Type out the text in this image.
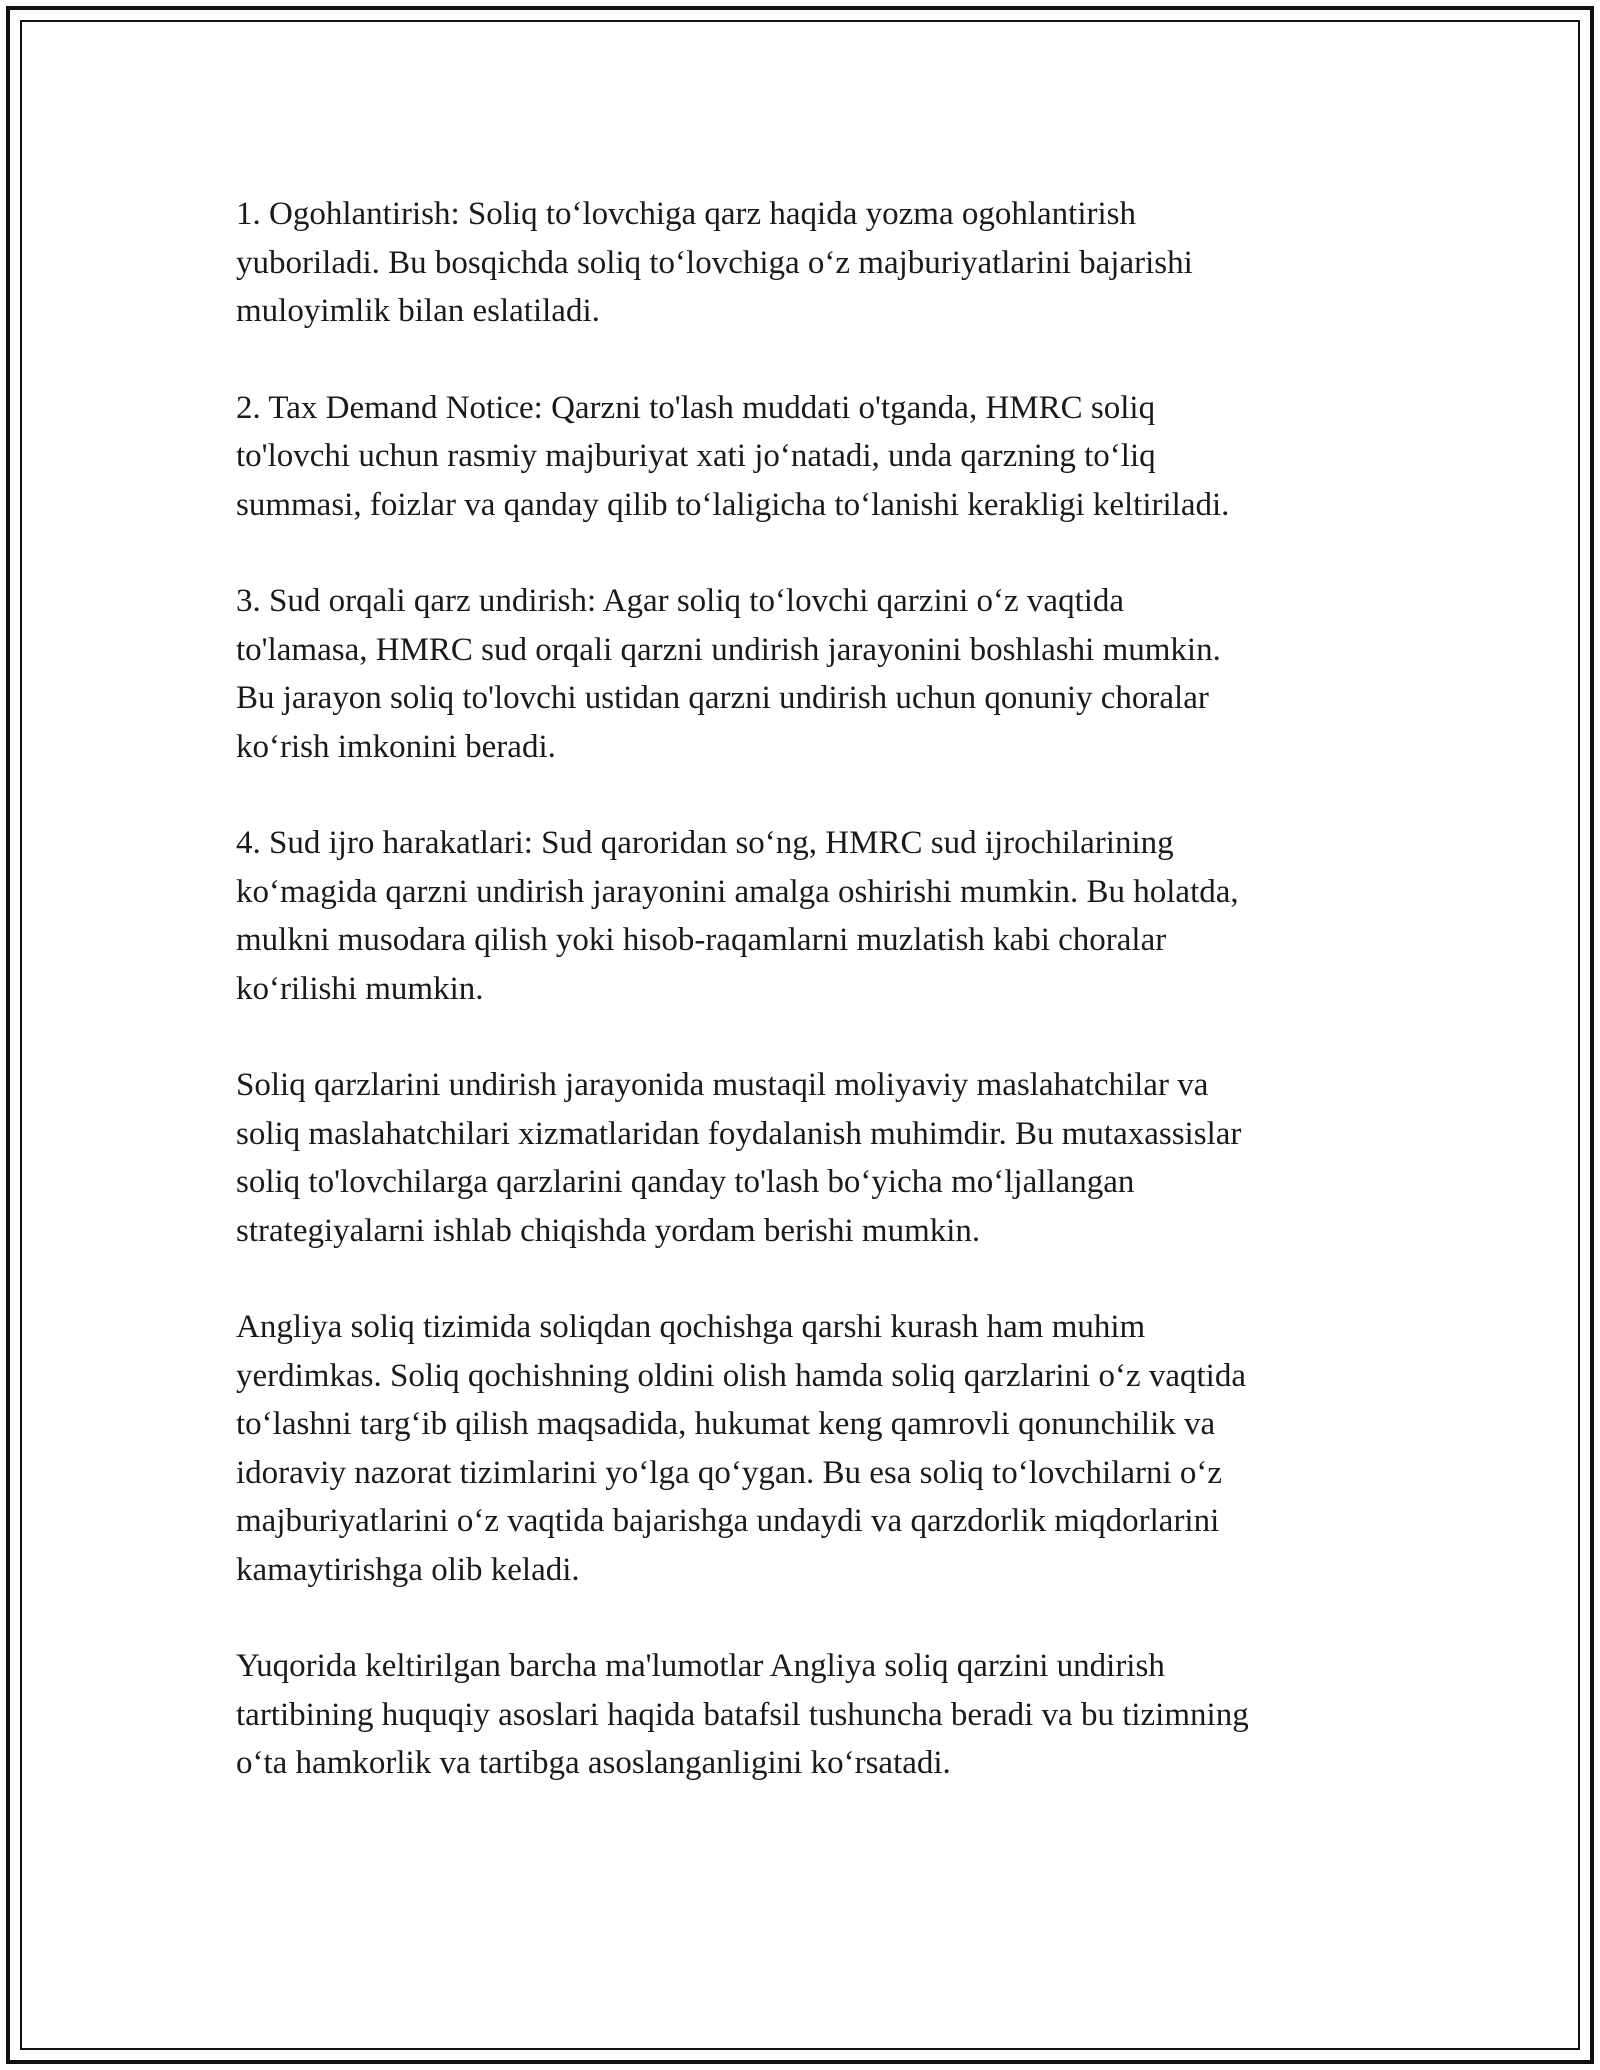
1. Ogohlantirish: Soliq to‘lovchiga qarz haqida yozma ogohlantirish
yuboriladi. Bu bosqichda soliq to‘lovchiga o‘z majburiyatlarini bajarishi
muloyimlik bilan eslatiladi.

2. Tax Demand Notice: Qarzni to'lash muddati o'tganda, HMRC soliq
to'lovchi uchun rasmiy majburiyat xati jo‘natadi, unda qarzning to‘liq
summasi, foizlar va qanday qilib to‘laligicha to‘lanishi kerakligi keltiriladi.

3. Sud orqali qarz undirish: Agar soliq to‘lovchi qarzini o‘z vaqtida
to'lamasa, HMRC sud orqali qarzni undirish jarayonini boshlashi mumkin.
Bu jarayon soliq to'lovchi ustidan qarzni undirish uchun qonuniy choralar
ko‘rish imkonini beradi.

4. Sud ijro harakatlari: Sud qaroridan so‘ng, HMRC sud ijrochilarining
ko‘magida qarzni undirish jarayonini amalga oshirishi mumkin. Bu holatda,
mulkni musodara qilish yoki hisob-raqamlarni muzlatish kabi choralar
ko‘rilishi mumkin.

Soliq qarzlarini undirish jarayonida mustaqil moliyaviy maslahatchilar va
soliq maslahatchilari xizmatlaridan foydalanish muhimdir. Bu mutaxassislar
soliq to'lovchilarga qarzlarini qanday to'lash bo‘yicha mo‘ljallangan
strategiyalarni ishlab chiqishda yordam berishi mumkin.

Angliya soliq tizimida soliqdan qochishga qarshi kurash ham muhim
yerdimkas. Soliq qochishning oldini olish hamda soliq qarzlarini o‘z vaqtida
to‘lashni targ‘ib qilish maqsadida, hukumat keng qamrovli qonunchilik va
idoraviy nazorat tizimlarini yo‘lga qo‘ygan. Bu esa soliq to‘lovchilarni o‘z
majburiyatlarini o‘z vaqtida bajarishga undaydi va qarzdorlik miqdorlarini
kamaytirishga olib keladi.

Yuqorida keltirilgan barcha ma'lumotlar Angliya soliq qarzini undirish
tartibining huquqiy asoslari haqida batafsil tushuncha beradi va bu tizimning
o‘ta hamkorlik va tartibga asoslanganligini ko‘rsatadi.
